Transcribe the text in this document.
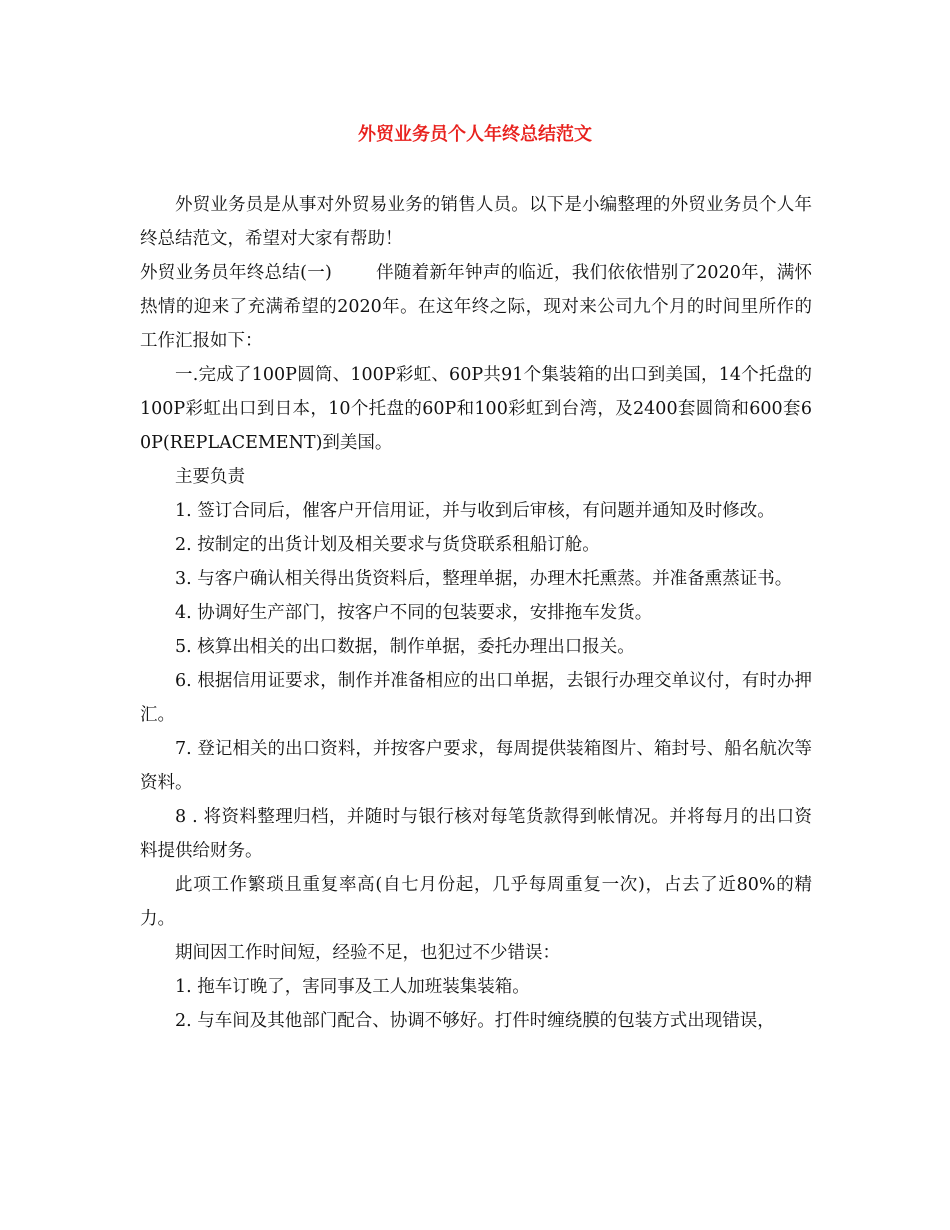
外贸业务员个人年终总结范文

外贸业务员是从事对外贸易业务的销售人员。以下是小编整理的外贸业务员个人年终总结范文，希望对大家有帮助！

外贸业务员年终总结(一)	伴随着新年钟声的临近，我们依依惜别了2020年，满怀热情的迎来了充满希望的2020年。在这年终之际，现对来公司九个月的时间里所作的工作汇报如下：

一.完成了100P圆筒、100P彩虹、60P共91个集装箱的出口到美国，14个托盘的100P彩虹出口到日本，10个托盘的60P和100彩虹到台湾，及2400套圆筒和600套60P(REPLACEMENT)到美国。

主要负责

1. 签订合同后，催客户开信用证，并与收到后审核，有问题并通知及时修改。

2. 按制定的出货计划及相关要求与货贷联系租船订舱。

3. 与客户确认相关得出货资料后，整理单据，办理木托熏蒸。并准备熏蒸证书。

4. 协调好生产部门，按客户不同的包装要求，安排拖车发货。

5. 核算出相关的出口数据，制作单据，委托办理出口报关。

6. 根据信用证要求，制作并准备相应的出口单据，去银行办理交单议付，有时办押汇。

7. 登记相关的出口资料，并按客户要求，每周提供装箱图片、箱封号、船名航次等资料。

8 . 将资料整理归档，并随时与银行核对每笔货款得到帐情况。并将每月的出口资料提供给财务。

此项工作繁琐且重复率高(自七月份起，几乎每周重复一次)，占去了近80%的精力。

期间因工作时间短，经验不足，也犯过不少错误：

1. 拖车订晚了，害同事及工人加班装集装箱。

2. 与车间及其他部门配合、协调不够好。打件时缠绕膜的包装方式出现错误，
